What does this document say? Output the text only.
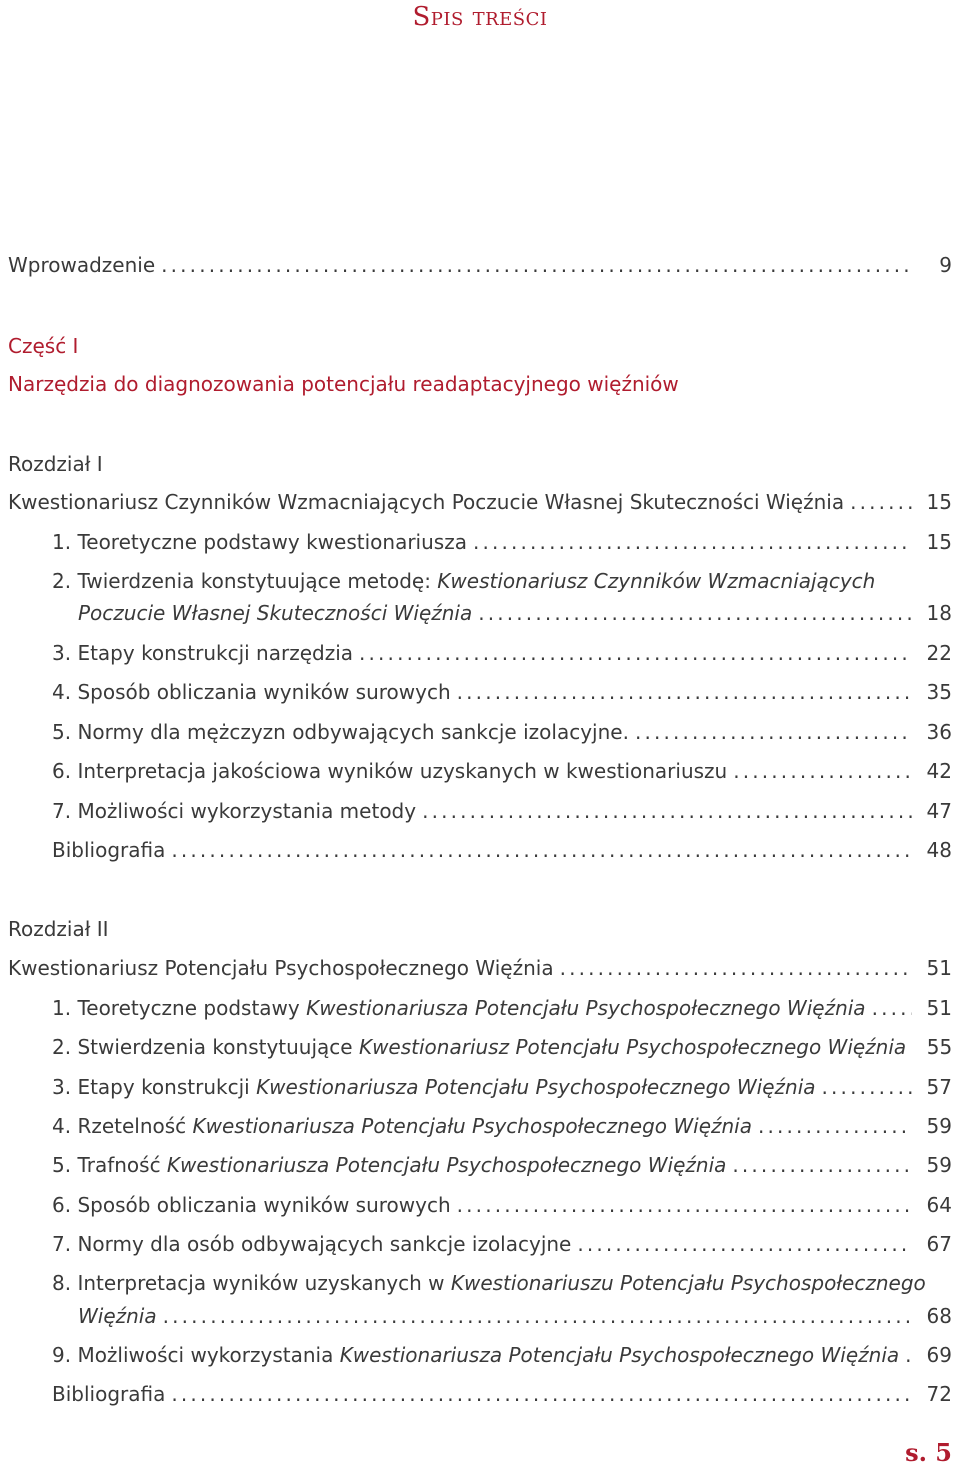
Spis treści
Wprowadzenie . . .	9
Część I
Narzędzia do diagnozowania potencjału readaptacyjnego więźniów
Rozdział I
Kwestionariusz Czynników Wzmacniających Poczucie Własnej Skuteczności Więźnia . . .	15
1. Teoretyczne podstawy kwestionariusza . . .	15
2. Twierdzenia konstytuujące metodę: Kwestionariusz Czynników Wzmacniających
Poczucie Własnej Skuteczności Więźnia . . .	18
3. Etapy konstrukcji narzędzia . . .	22
4. Sposób obliczania wyników surowych . . .	35
5. Normy dla mężczyzn odbywających sankcje izolacyjne. . . .	36
6. Interpretacja jakościowa wyników uzyskanych w kwestionariuszu . . .	42
7. Możliwości wykorzystania metody . . .	47
Bibliografia . . .	48
Rozdział II
Kwestionariusz Potencjału Psychospołecznego Więźnia . . .	51
1. Teoretyczne podstawy Kwestionariusza Potencjału Psychospołecznego Więźnia . . .	51
2. Stwierdzenia konstytuujące Kwestionariusz Potencjału Psychospołecznego Więźnia	55
3. Etapy konstrukcji Kwestionariusza Potencjału Psychospołecznego Więźnia . . .	57
4. Rzetelność Kwestionariusza Potencjału Psychospołecznego Więźnia . . .	59
5. Trafność Kwestionariusza Potencjału Psychospołecznego Więźnia . . .	59
6. Sposób obliczania wyników surowych . . .	64
7. Normy dla osób odbywających sankcje izolacyjne . . .	67
8. Interpretacja wyników uzyskanych w Kwestionariuszu Potencjału Psychospołecznego
Więźnia . . .	68
9. Możliwości wykorzystania Kwestionariusza Potencjału Psychospołecznego Więźnia . . .	69
Bibliografia . . .	72
s. 5
